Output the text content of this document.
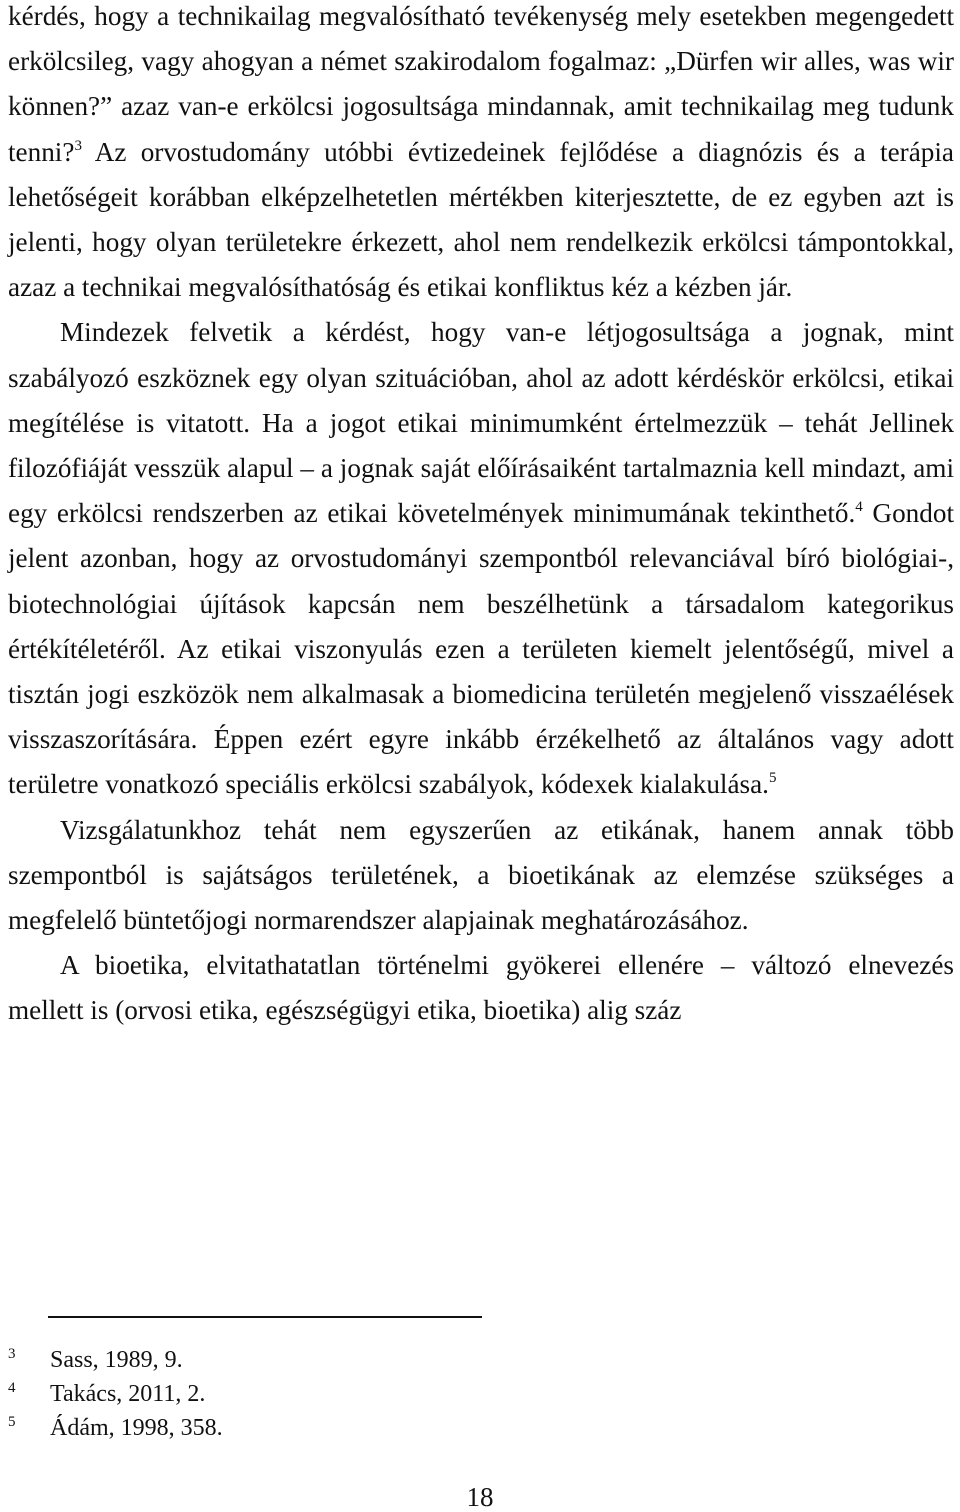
kérdés, hogy a technikailag megvalósítható tevékenység mely esetekben megengedett erkölcsileg, vagy ahogyan a német szakirodalom fogalmaz: „Dürfen wir alles, was wir können?” azaz van-e erkölcsi jogosultsága mindannak, amit technikailag meg tudunk tenni?$^3$ Az orvostudomány utóbbi évtizedeinek fejlődése a diagnózis és a terápia lehetőségeit korábban elképzelhetetlen mértékben kiterjesztette, de ez egyben azt is jelenti, hogy olyan területekre érkezett, ahol nem rendelkezik erkölcsi támpontokkal, azaz a technikai megvalósíthatóság és etikai konfliktus kéz a kézben jár.

Mindezek felvetik a kérdést, hogy van-e létjogosultsága a jognak, mint szabályozó eszköznek egy olyan szituációban, ahol az adott kérdéskör erkölcsi, etikai megítélése is vitatott. Ha a jogot etikai minimumként értelmezzük – tehát Jellinek filozófiáját vesszük alapul – a jognak saját előírásaiként tartalmaznia kell mindazt, ami egy erkölcsi rendszerben az etikai követelmények minimumának tekinthető.$^4$ Gondot jelent azonban, hogy az orvostudományi szempontból relevanciával bíró biológiai-, biotechnológiai újítások kapcsán nem beszélhetünk a társadalom kategorikus értékítéletéről. Az etikai viszonyulás ezen a területen kiemelt jelentőségű, mivel a tisztán jogi eszközök nem alkalmasak a biomedicina területén megjelenő visszaélések visszaszorítására. Éppen ezért egyre inkább érzékelhető az általános vagy adott területre vonatkozó speciális erkölcsi szabályok, kódexek kialakulása.$^5$

Vizsgálatunkhoz tehát nem egyszerűen az etikának, hanem annak több szempontból is sajátságos területének, a bioetikának az elemzése szükséges a megfelelő büntetőjogi normarendszer alapjainak meghatározásához.

A bioetika, elvitathatatlan történelmi gyökerei ellenére – változó elnevezés mellett is (orvosi etika, egészségügyi etika, bioetika) alig száz

3	Sass, 1989, 9.
4	Takács, 2011, 2.
5	Ádám, 1998, 358.
18
